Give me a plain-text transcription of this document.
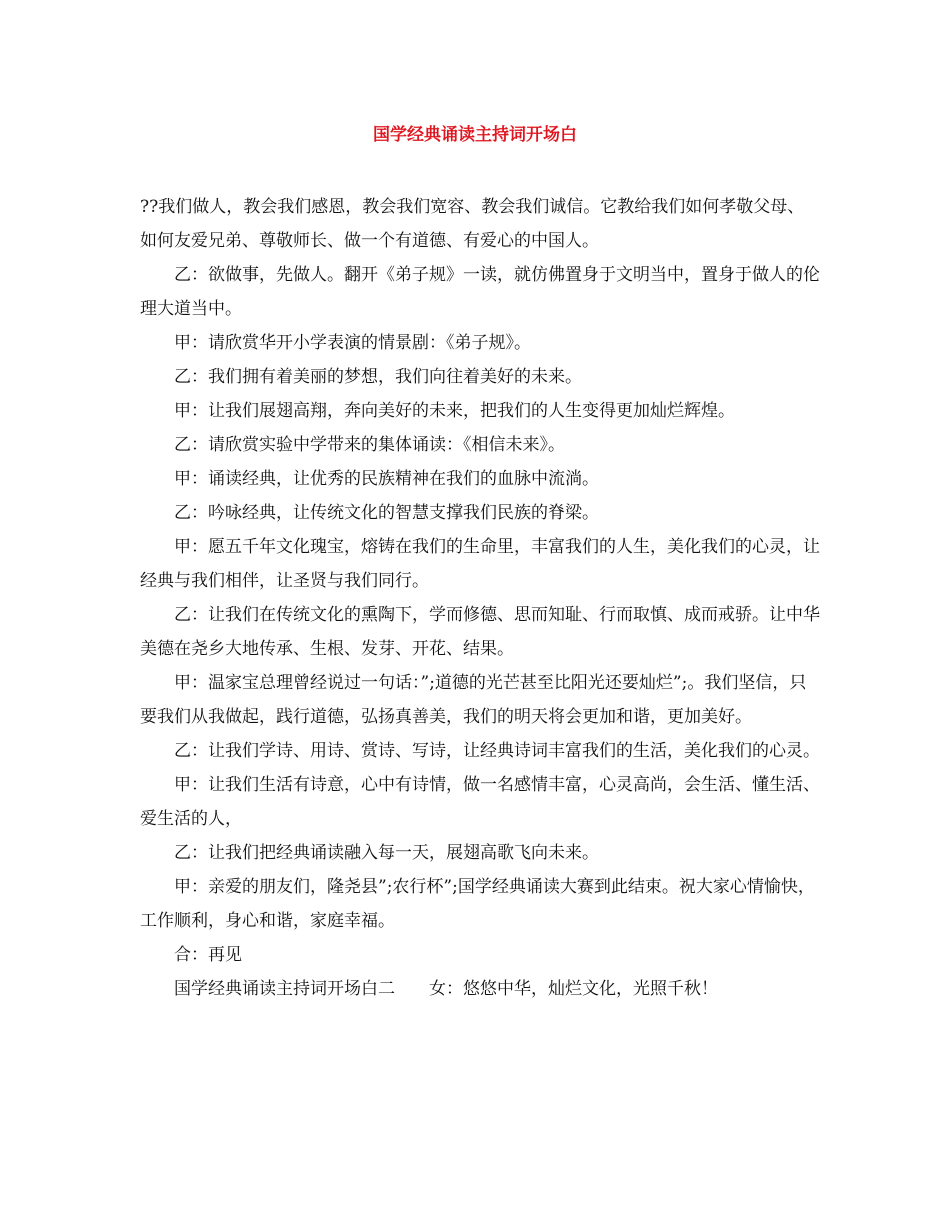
国学经典诵读主持词开场白

??我们做人，教会我们感恩，教会我们宽容、教会我们诚信。它教给我们如何孝敬父母、如何友爱兄弟、尊敬师长、做一个有道德、有爱心的中国人。

乙：欲做事，先做人。翻开《弟子规》一读，就仿佛置身于文明当中，置身于做人的伦理大道当中。

甲：请欣赏华开小学表演的情景剧：《弟子规》。

乙：我们拥有着美丽的梦想，我们向往着美好的未来。

甲：让我们展翅高翔，奔向美好的未来，把我们的人生变得更加灿烂辉煌。

乙：请欣赏实验中学带来的集体诵读：《相信未来》。

甲：诵读经典，让优秀的民族精神在我们的血脉中流淌。

乙：吟咏经典，让传统文化的智慧支撑我们民族的脊梁。

甲：愿五千年文化瑰宝，熔铸在我们的生命里，丰富我们的人生，美化我们的心灵，让经典与我们相伴，让圣贤与我们同行。

乙：让我们在传统文化的熏陶下，学而修德、思而知耻、行而取慎、成而戒骄。让中华美德在尧乡大地传承、生根、发芽、开花、结果。

甲：温家宝总理曾经说过一句话：”;道德的光芒甚至比阳光还要灿烂”;。我们坚信，只要我们从我做起，践行道德，弘扬真善美，我们的明天将会更加和谐，更加美好。

乙：让我们学诗、用诗、赏诗、写诗，让经典诗词丰富我们的生活，美化我们的心灵。

甲：让我们生活有诗意，心中有诗情，做一名感情丰富，心灵高尚，会生活、懂生活、爱生活的人，

乙：让我们把经典诵读融入每一天，展翅高歌飞向未来。

甲：亲爱的朋友们，隆尧县”;农行杯”;国学经典诵读大赛到此结束。祝大家心情愉快，工作顺利，身心和谐，家庭幸福。

合：再见

国学经典诵读主持词开场白二　　女：悠悠中华，灿烂文化，光照千秋！
